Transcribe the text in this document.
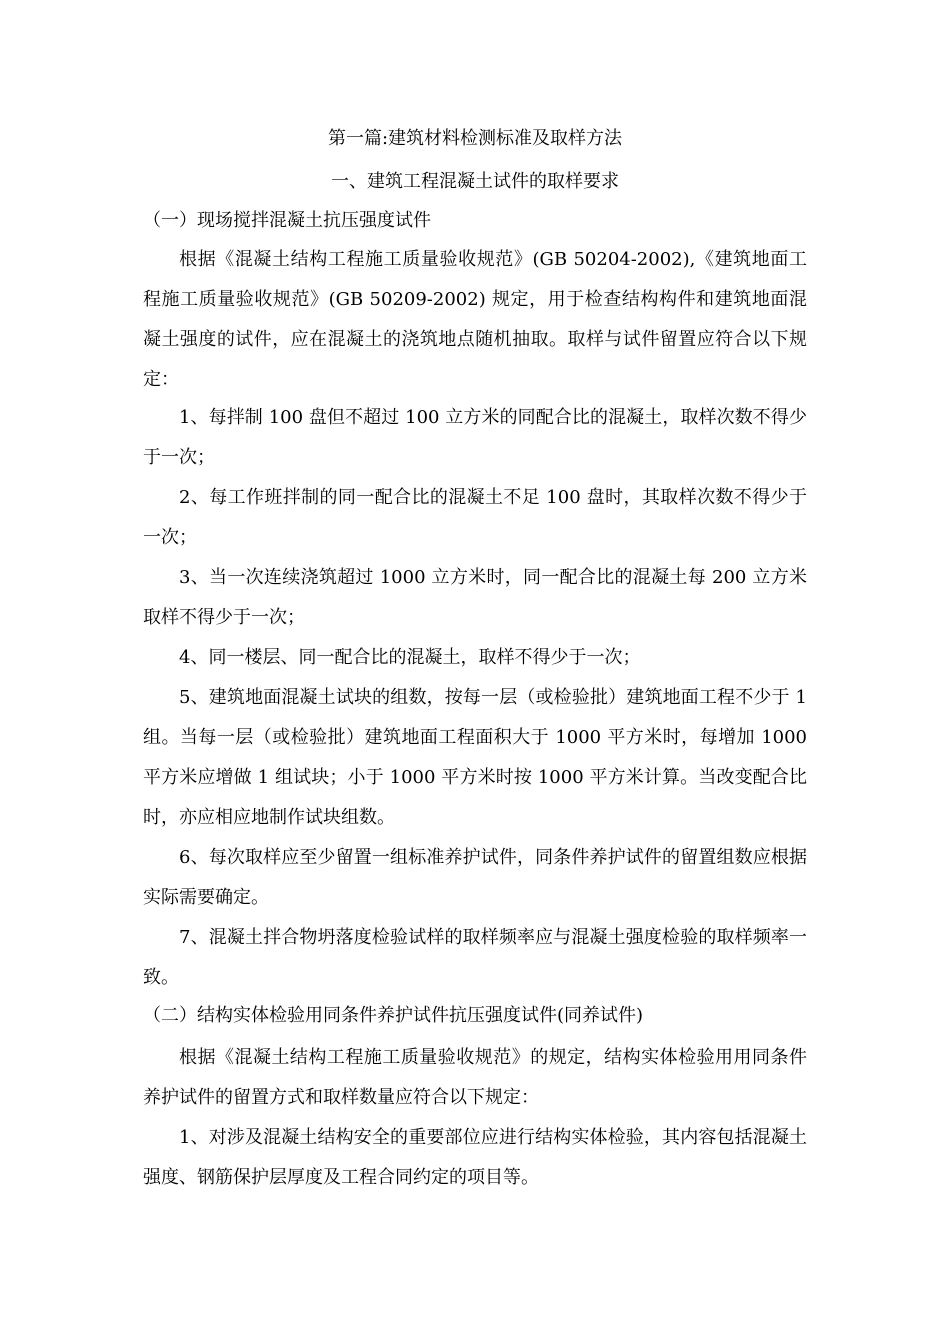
第一篇:建筑材料检测标准及取样方法
一、建筑工程混凝土试件的取样要求
（一）现场搅拌混凝土抗压强度试件

根据《混凝土结构工程施工质量验收规范》(GB 50204-2002),《建筑地面工程施工质量验收规范》(GB 50209-2002) 规定，用于检查结构构件和建筑地面混凝土强度的试件，应在混凝土的浇筑地点随机抽取。取样与试件留置应符合以下规定：

1、每拌制 100 盘但不超过 100 立方米的同配合比的混凝土，取样次数不得少于一次；

2、每工作班拌制的同一配合比的混凝土不足 100 盘时，其取样次数不得少于一次；

3、当一次连续浇筑超过 1000 立方米时，同一配合比的混凝土每 200 立方米取样不得少于一次；

4、同一楼层、同一配合比的混凝土，取样不得少于一次；

5、建筑地面混凝土试块的组数，按每一层（或检验批）建筑地面工程不少于 1 组。当每一层（或检验批）建筑地面工程面积大于 1000 平方米时，每增加 1000 平方米应增做 1 组试块；小于 1000 平方米时按 1000 平方米计算。当改变配合比时，亦应相应地制作试块组数。

6、每次取样应至少留置一组标准养护试件，同条件养护试件的留置组数应根据实际需要确定。

7、混凝土拌合物坍落度检验试样的取样频率应与混凝土强度检验的取样频率一致。

（二）结构实体检验用同条件养护试件抗压强度试件(同养试件)

根据《混凝土结构工程施工质量验收规范》的规定，结构实体检验用用同条件养护试件的留置方式和取样数量应符合以下规定：

1、对涉及混凝土结构安全的重要部位应进行结构实体检验，其内容包括混凝土强度、钢筋保护层厚度及工程合同约定的项目等。
